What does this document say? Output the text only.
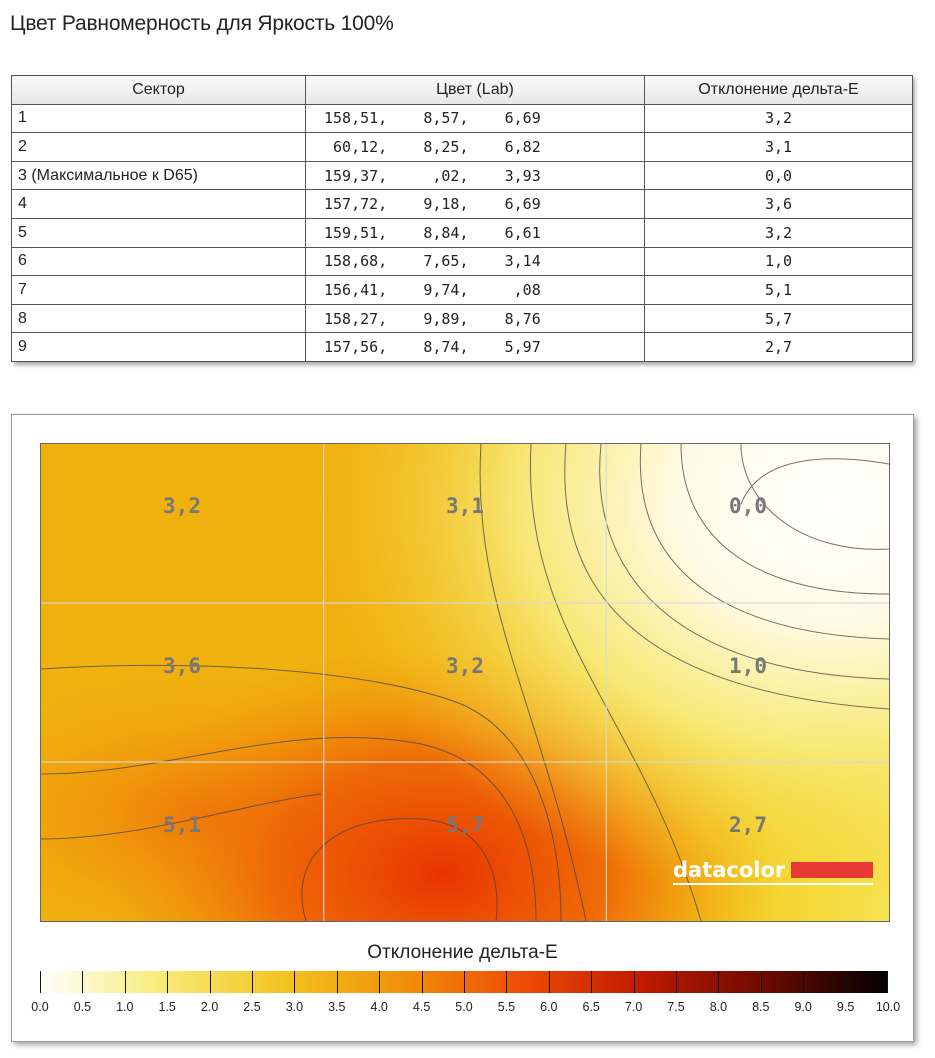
Цвет Равномерность для Яркость 100%
Сектор	Цвет (Lab)	Отклонение дельта-Е
1	158,51,    8,57,    6,69	3,2
2	60,12,    8,25,    6,82	3,1
3 (Максимальное к D65)	159,37,     ,02,    3,93	0,0
4	157,72,    9,18,    6,69	3,6
5	159,51,    8,84,    6,61	3,2
6	158,68,    7,65,    3,14	1,0
7	156,41,    9,74,     ,08	5,1
8	158,27,    9,89,    8,76	5,7
9	157,56,    8,74,    5,97	2,7
3,2	3,1	0,0
3,6	3,2	1,0
5,1	5,7	2,7
datacolor
Отклонение дельта-Е
0.0 0.5 1.0 1.5 2.0 2.5 3.0 3.5 4.0 4.5 5.0 5.5 6.0 6.5 7.0 7.5 8.0 8.5 9.0 9.5 10.0
